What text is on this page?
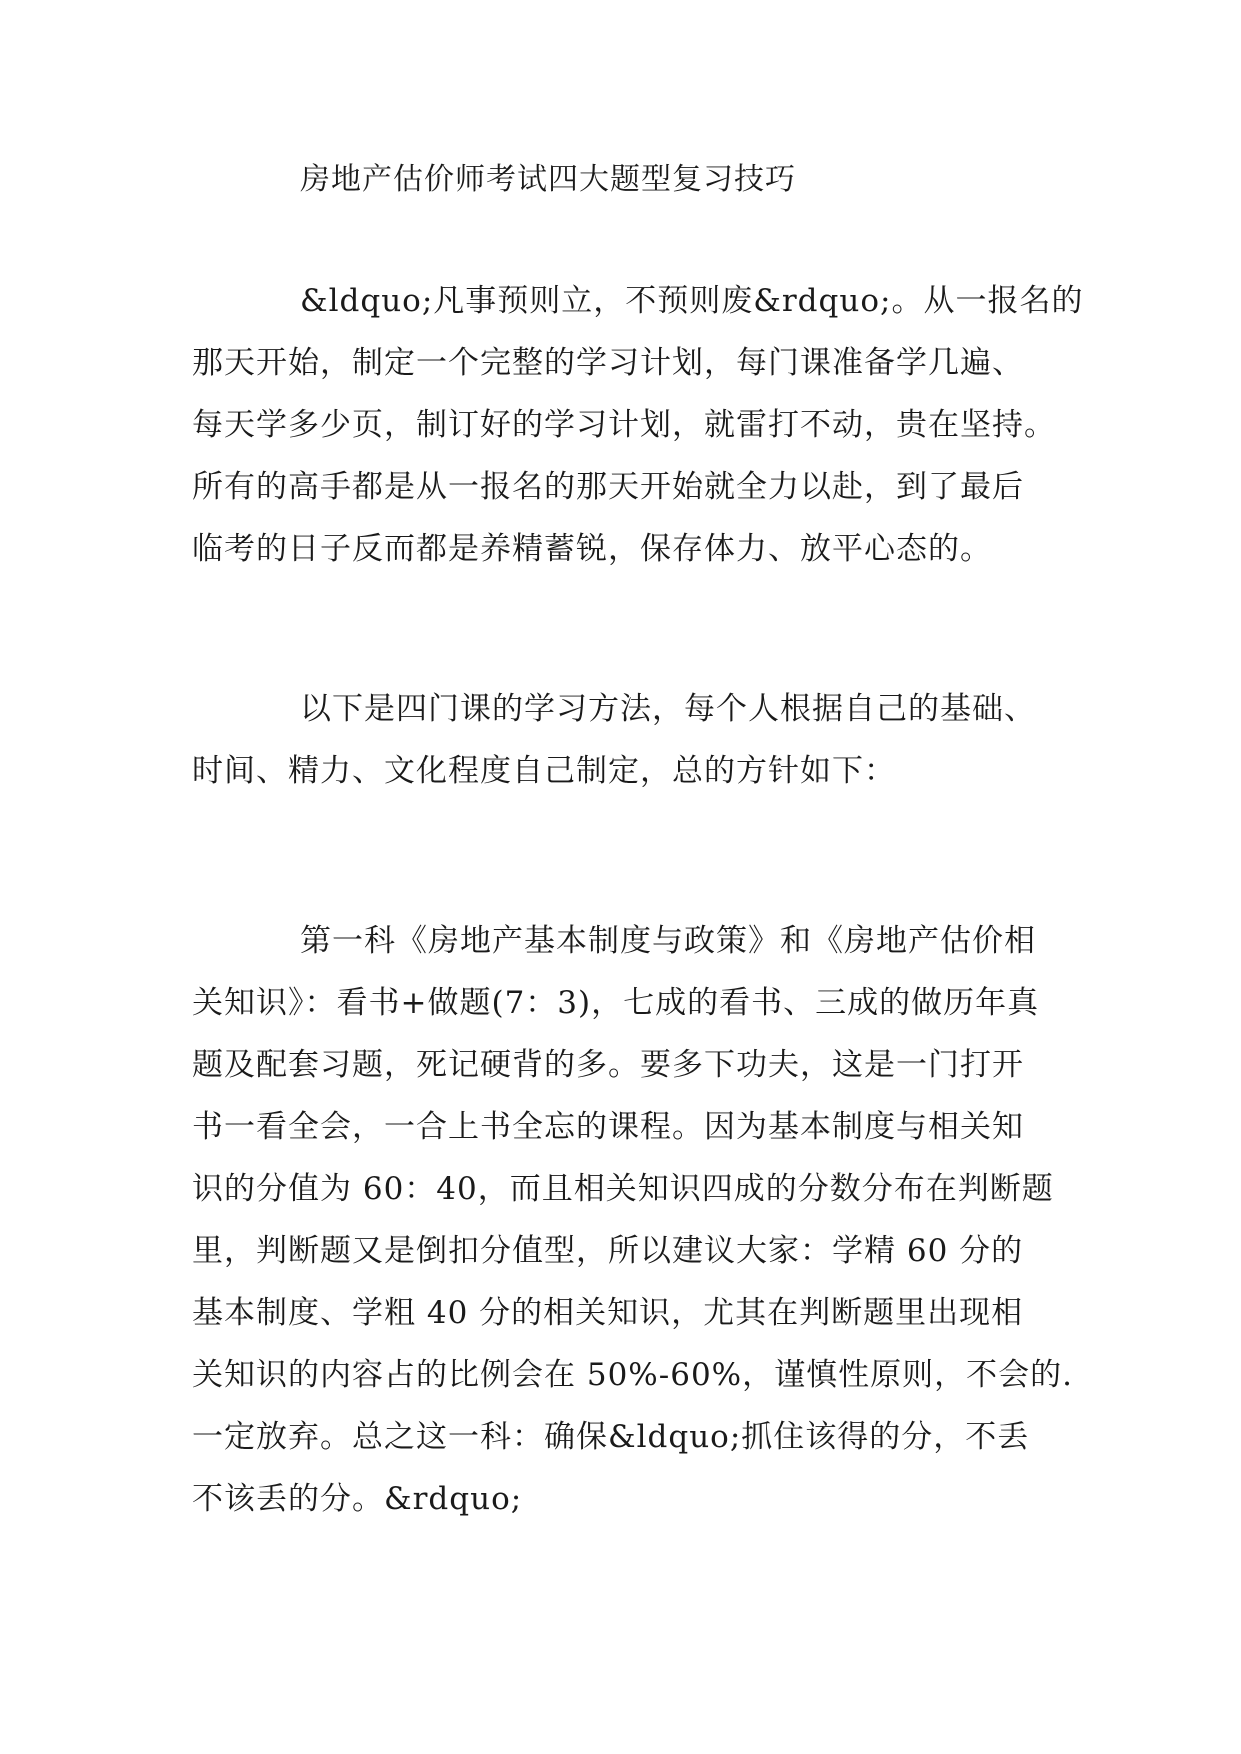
房地产估价师考试四大题型复习技巧
&ldquo;凡事预则立，不预则废&rdquo;。从一报名的
那天开始，制定一个完整的学习计划，每门课准备学几遍、
每天学多少页，制订好的学习计划，就雷打不动，贵在坚持。
所有的高手都是从一报名的那天开始就全力以赴，到了最后
临考的日子反而都是养精蓄锐，保存体力、放平心态的。
以下是四门课的学习方法，每个人根据自己的基础、
时间、精力、文化程度自己制定，总的方针如下：
第一科《房地产基本制度与政策》和《房地产估价相
关知识》：看书+做题(7：3)，七成的看书、三成的做历年真
题及配套习题，死记硬背的多。要多下功夫，这是一门打开
书一看全会，一合上书全忘的课程。因为基本制度与相关知
识的分值为 60：40，而且相关知识四成的分数分布在判断题
里，判断题又是倒扣分值型，所以建议大家：学精 60 分的
基本制度、学粗 40 分的相关知识，尤其在判断题里出现相
关知识的内容占的比例会在 50%-60%，谨慎性原则，不会的.
一定放弃。总之这一科：确保&ldquo;抓住该得的分，不丢
不该丢的分。&rdquo;
